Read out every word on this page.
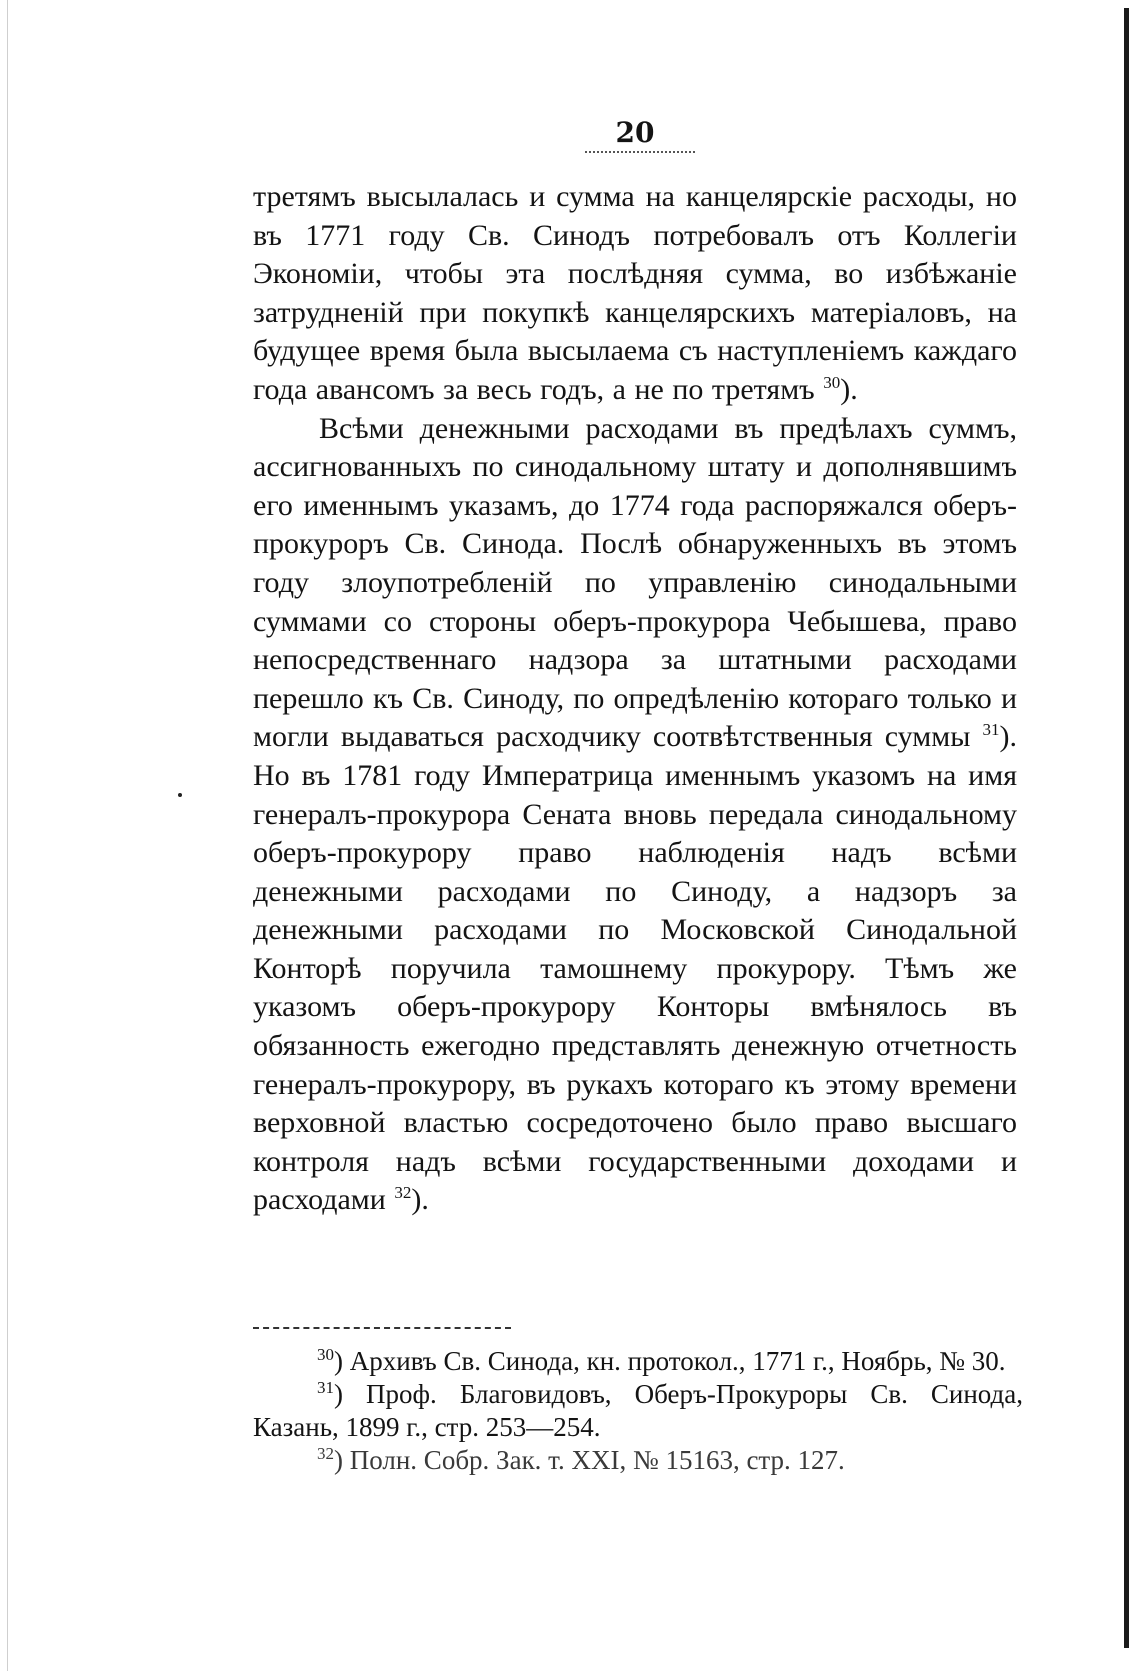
20

третямъ высылалась и сумма на канцелярскіе расходы, но въ 1771 году Св. Синодъ потребовалъ отъ Коллегіи Экономіи, чтобы эта послѣдняя сумма, во избѣжаніе затрудненій при покупкѣ канцелярскихъ матеріаловъ, на будущее время была высылаема съ наступленіемъ каждаго года авансомъ за весь годъ, а не по третямъ $^{30}$).

Всѣми денежными расходами въ предѣлахъ суммъ, ассигнованныхъ по синодальному штату и дополнявшимъ его именнымъ указамъ, до 1774 года распоряжался оберъ-прокуроръ Св. Синода. Послѣ обнаруженныхъ въ этомъ году злоупотребленій по управленію синодальными суммами со стороны оберъ-прокурора Чебышева, право непосредственнаго надзора за штатными расходами перешло къ Св. Синоду, по опредѣленію котораго только и могли выдаваться расходчику соотвѣтственныя суммы $^{31}$). Но въ 1781 году Императрица именнымъ указомъ на имя генералъ-прокурора Сената вновь передала синодальному оберъ-прокурору право наблюденія надъ всѣми денежными расходами по Синоду, а надзоръ за денежными расходами по Московской Синодальной Конторѣ поручила тамошнему прокурору. Тѣмъ же указомъ оберъ-прокурору Конторы вмѣнялось въ обязанность ежегодно представлять денежную отчетность генералъ-прокурору, въ рукахъ котораго къ этому времени верховной властью сосредоточено было право высшаго контроля надъ всѣми государственными доходами и расходами $^{32}$).

$^{30}$) Архивъ Св. Синода, кн. протокол., 1771 г., Ноябрь, № 30.

$^{31}$) Проф. Благовидовъ, Оберъ-Прокуроры Св. Синода, Казань, 1899 г., стр. 253—254.

$^{32}$) Полн. Собр. Зак. т. XXI, № 15163, стр. 127.
